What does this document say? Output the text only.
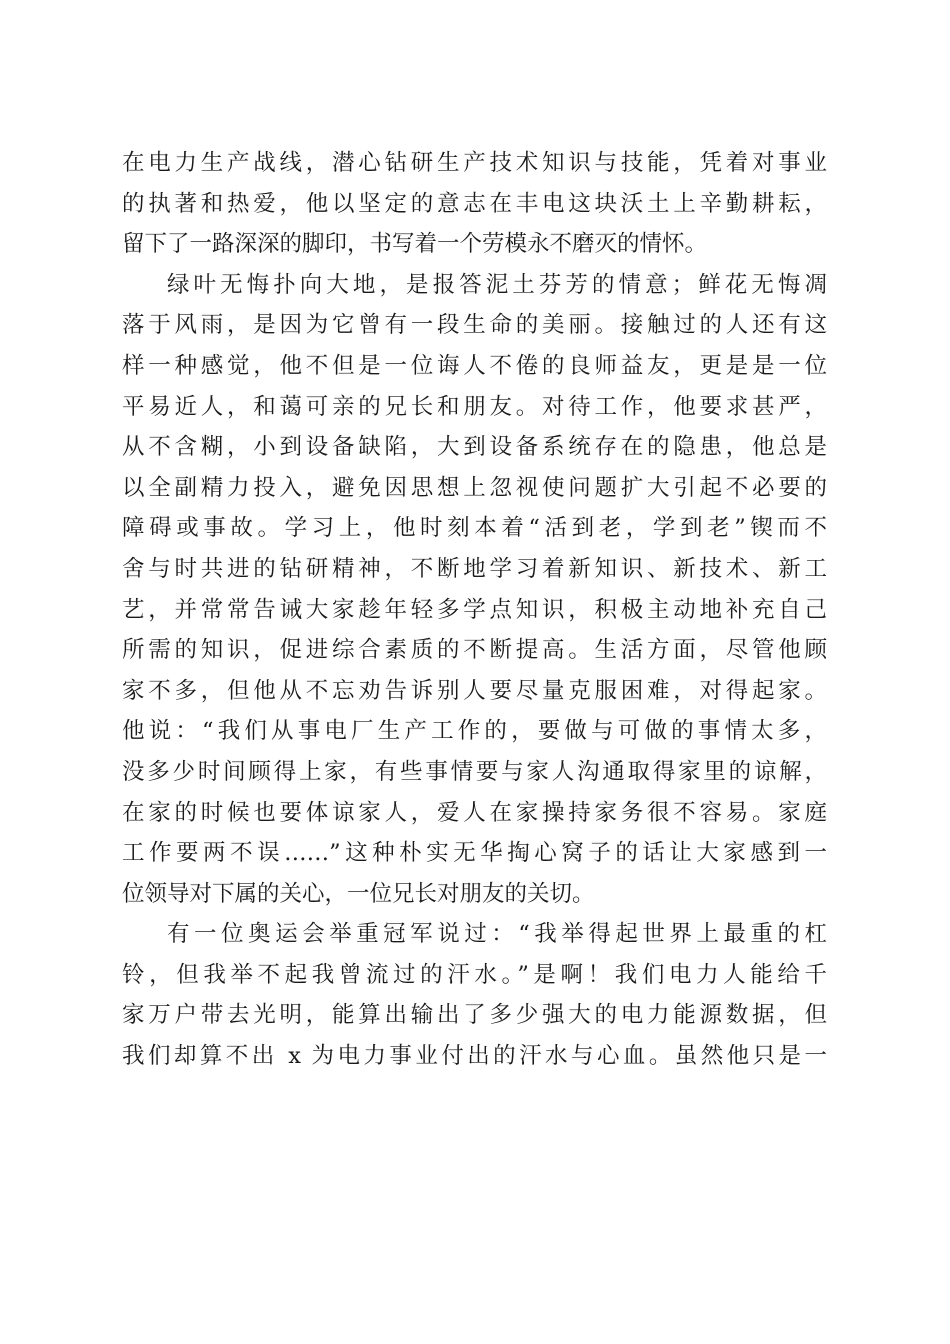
在电力生产战线，潜心钻研生产技术知识与技能，凭着对事业
的执著和热爱，他以坚定的意志在丰电这块沃土上辛勤耕耘，
留下了一路深深的脚印，书写着一个劳模永不磨灭的情怀。
绿叶无悔扑向大地，是报答泥土芬芳的情意；鲜花无悔凋
落于风雨，是因为它曾有一段生命的美丽。接触过的人还有这
样一种感觉，他不但是一位诲人不倦的良师益友，更是是一位
平易近人，和蔼可亲的兄长和朋友。对待工作，他要求甚严，
从不含糊，小到设备缺陷，大到设备系统存在的隐患，他总是
以全副精力投入，避免因思想上忽视使问题扩大引起不必要的
障碍或事故。学习上，他时刻本着“活到老，学到老”锲而不
舍与时共进的钻研精神，不断地学习着新知识、新技术、新工
艺，并常常告诫大家趁年轻多学点知识，积极主动地补充自己
所需的知识，促进综合素质的不断提高。生活方面，尽管他顾
家不多，但他从不忘劝告诉别人要尽量克服困难，对得起家。
他说：“我们从事电厂生产工作的，要做与可做的事情太多，
没多少时间顾得上家，有些事情要与家人沟通取得家里的谅解，
在家的时候也要体谅家人，爱人在家操持家务很不容易。家庭
工作要两不误……”这种朴实无华掏心窝子的话让大家感到一
位领导对下属的关心，一位兄长对朋友的关切。
有一位奥运会举重冠军说过：“我举得起世界上最重的杠
铃，但我举不起我曾流过的汗水。”是啊！我们电力人能给千
家万户带去光明，能算出输出了多少强大的电力能源数据，但
我们却算不出 x 为电力事业付出的汗水与心血。虽然他只是一
